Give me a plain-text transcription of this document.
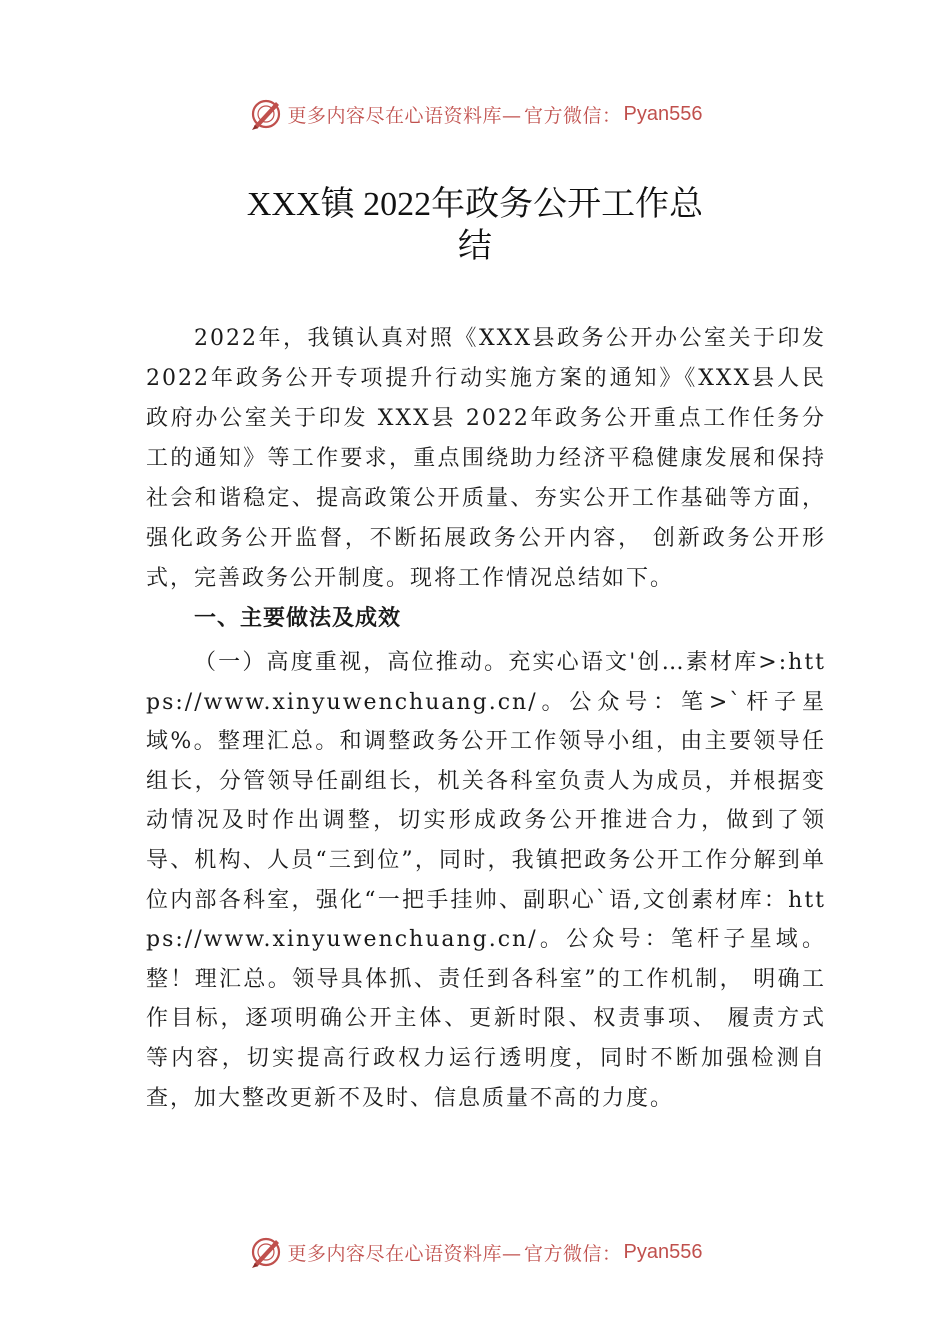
更多内容尽在心语资料库—官方微信： Pyan556
XXX镇 2022年政务公开工作总
结

2022年，我镇认真对照《XXX县政务公开办公室关于印发 2022年政务公开专项提升行动实施方案的通知》《XXX县人民政府办公室关于印发 XXX县 2022年政务公开重点工作任务分工的通知》等工作要求，重点围绕助力经济平稳健康发展和保持社会和谐稳定、提高政策公开质量、夯实公开工作基础等方面，强化政务公开监督，不断拓展政务公开内容， 创新政务公开形式，完善政务公开制度。现将工作情况总结如下。

一、主要做法及成效

（一）高度重视，高位推动。充实心语文'创…素材库>:https://www.xinyuwenchuang.cn/。公众号：笔>`杆子星域%。整理汇总。和调整政务公开工作领导小组，由主要领导任组长，分管领导任副组长，机关各科室负责人为成员，并根据变动情况及时作出调整，切实形成政务公开推进合力，做到了领导、机构、人员“三到位”，同时，我镇把政务公开工作分解到单位内部各科室，强化“一把手挂帅、副职心`语,文创素材库：https://www.xinyuwenchuang.cn/。公众号：笔杆子星域。整！理汇总。领导具体抓、责任到各科室”的工作机制， 明确工作目标，逐项明确公开主体、更新时限、权责事项、 履责方式等内容，切实提高行政权力运行透明度，同时不断加强检测自查，加大整改更新不及时、信息质量不高的力度。

更多内容尽在心语资料库—官方微信： Pyan556
